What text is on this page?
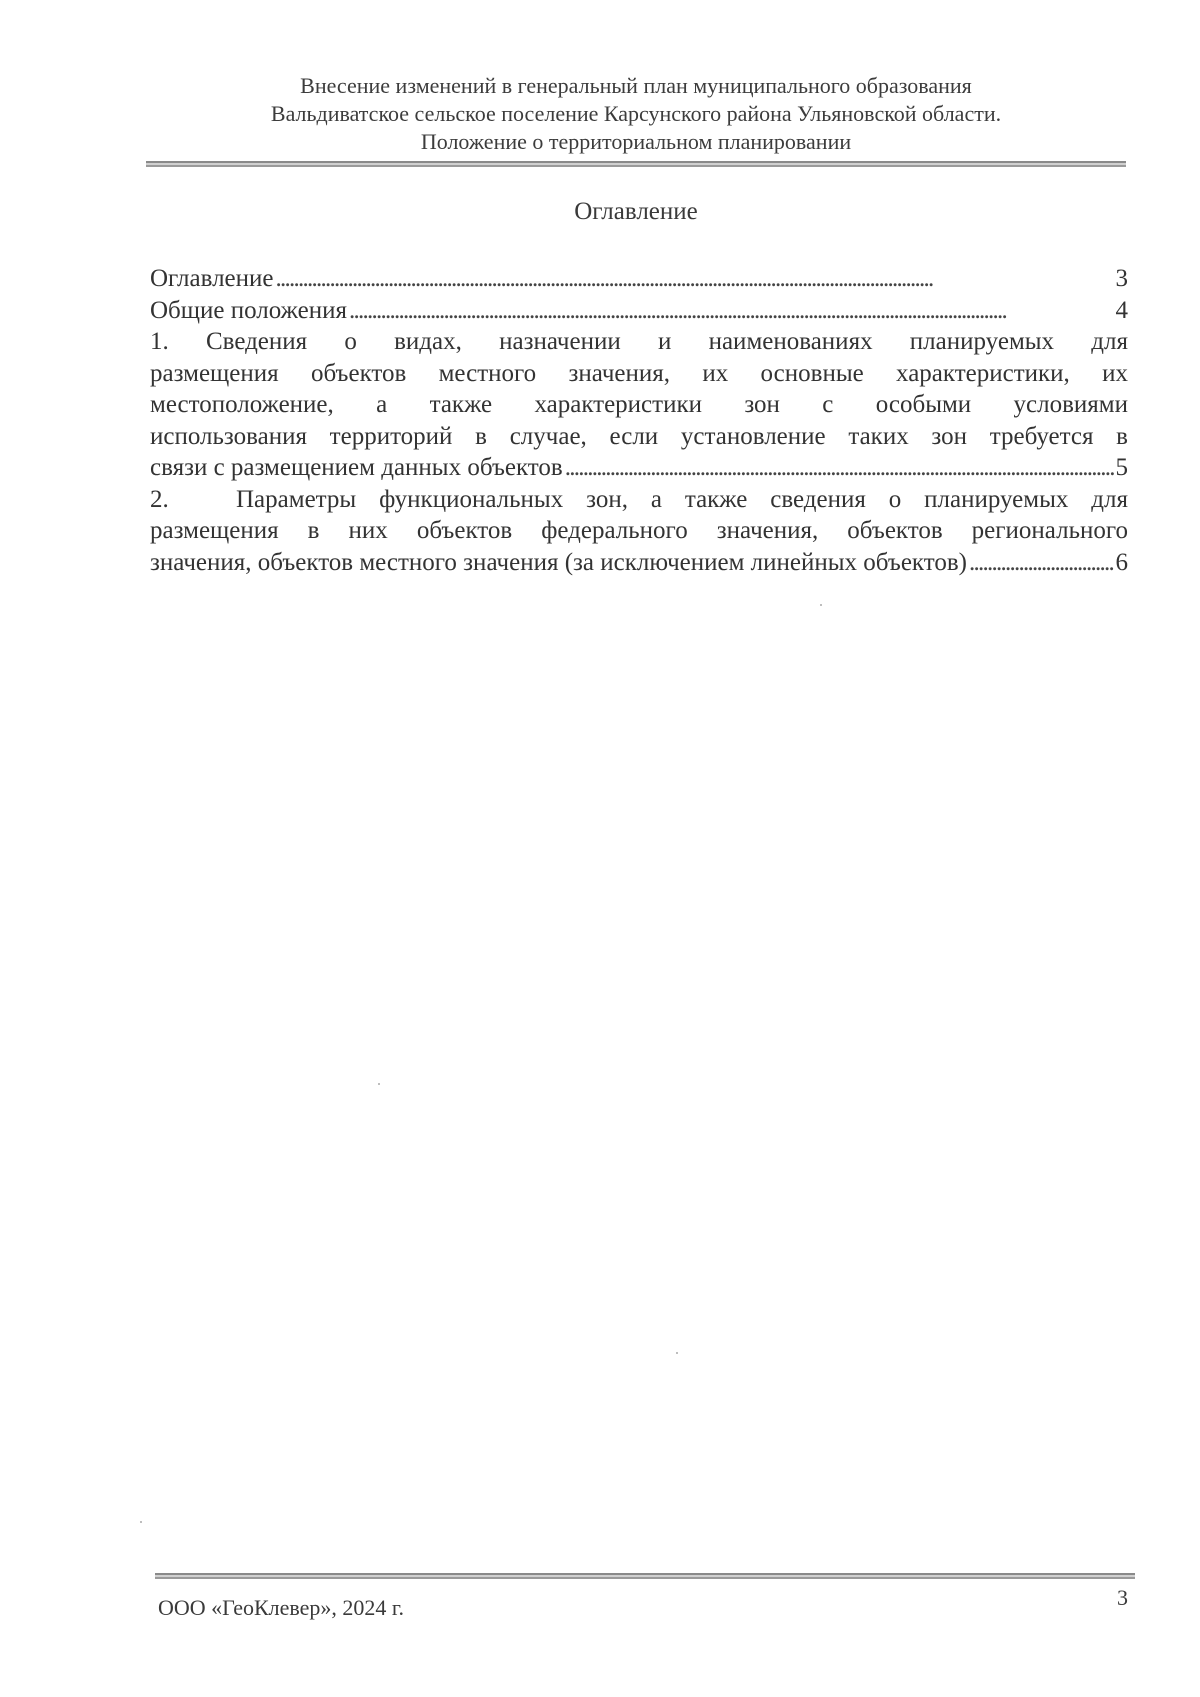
Внесение изменений в генеральный план муниципального образования
Вальдиватское сельское поселение Карсунского района Ульяновской области.
Положение о территориальном планировании
Оглавление
Оглавление . . .	3
Общие положения . . .	4
1. Сведения о видах, назначении и наименованиях планируемых для
размещения объектов местного значения, их основные характеристики, их
местоположение, а также характеристики зон с особыми условиями
использования территорий в случае, если установление таких зон требуется в
связи с размещением данных объектов . . .	5
2.	Параметры функциональных зон, а также сведения о планируемых для
размещения в них объектов федерального значения, объектов регионального
значения, объектов местного значения (за исключением линейных объектов) . . .	6
ООО «ГеоКлевер», 2024 г.	3
